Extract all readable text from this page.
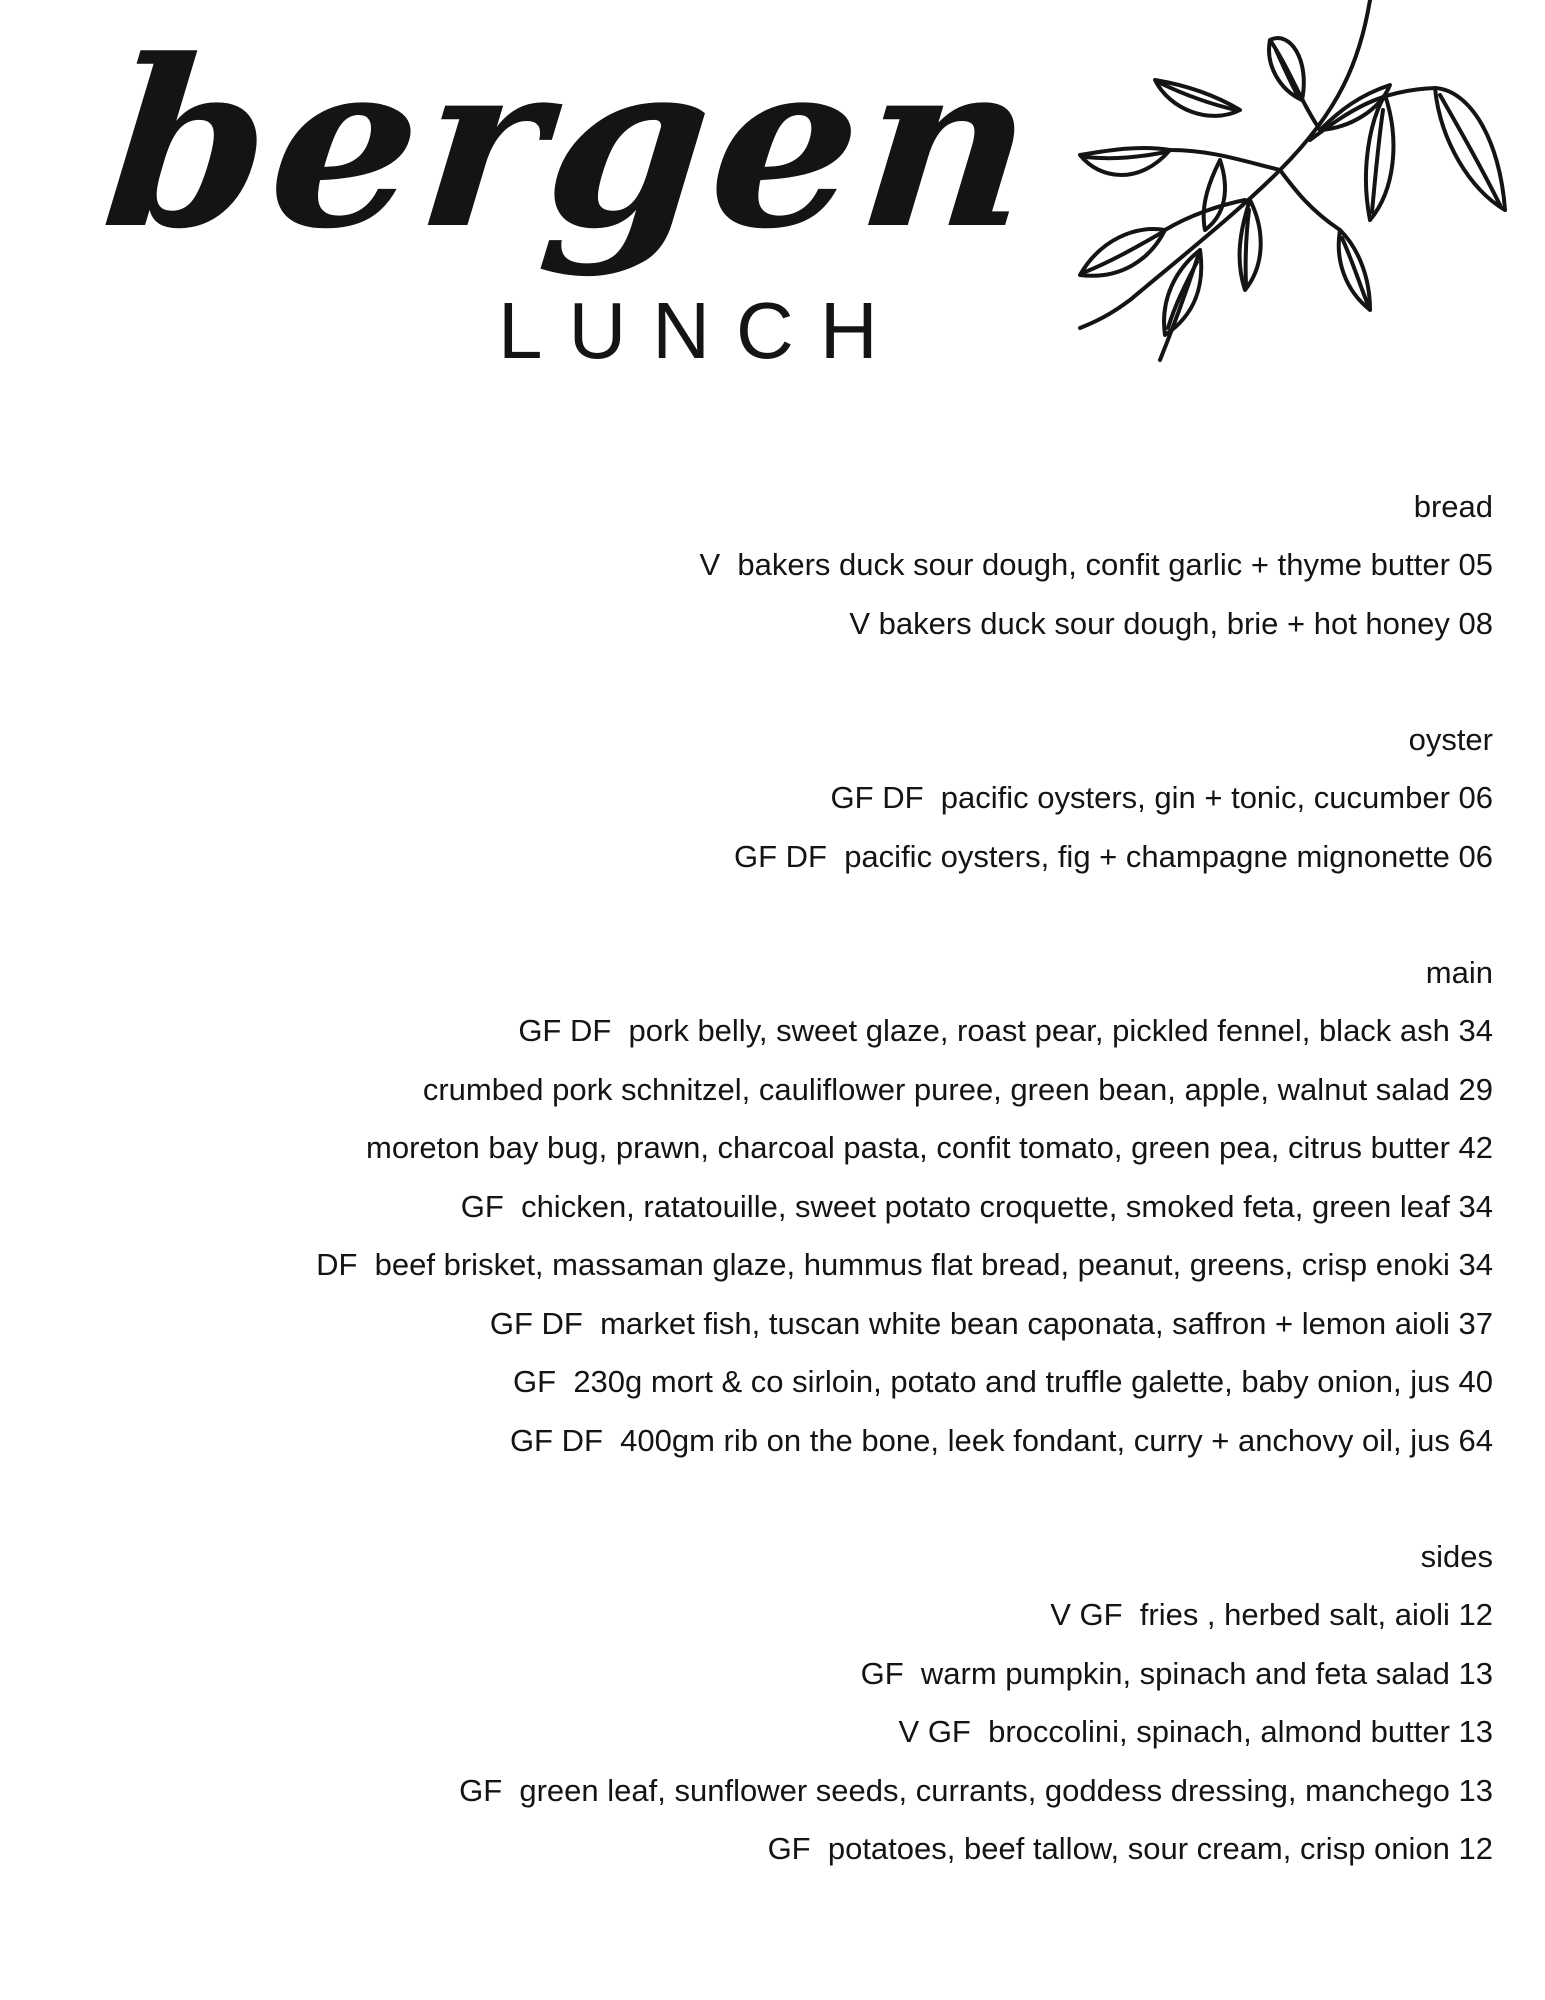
bergen
LUNCH
bread
V  bakers duck sour dough, confit garlic + thyme butter 05
V bakers duck sour dough, brie + hot honey 08
oyster
GF DF  pacific oysters, gin + tonic, cucumber 06
GF DF  pacific oysters, fig + champagne mignonette 06
main
GF DF  pork belly, sweet glaze, roast pear, pickled fennel, black ash 34
crumbed pork schnitzel, cauliflower puree, green bean, apple, walnut salad 29
moreton bay bug, prawn, charcoal pasta, confit tomato, green pea, citrus butter 42
GF  chicken, ratatouille, sweet potato croquette, smoked feta, green leaf 34
DF  beef brisket, massaman glaze, hummus flat bread, peanut, greens, crisp enoki 34
GF DF  market fish, tuscan white bean caponata, saffron + lemon aioli 37
GF  230g mort & co sirloin, potato and truffle galette, baby onion, jus 40
GF DF  400gm rib on the bone, leek fondant, curry + anchovy oil, jus 64
sides
V GF  fries , herbed salt, aioli 12
GF  warm pumpkin, spinach and feta salad 13
V GF  broccolini, spinach, almond butter 13
GF  green leaf, sunflower seeds, currants, goddess dressing, manchego 13
GF  potatoes, beef tallow, sour cream, crisp onion 12
